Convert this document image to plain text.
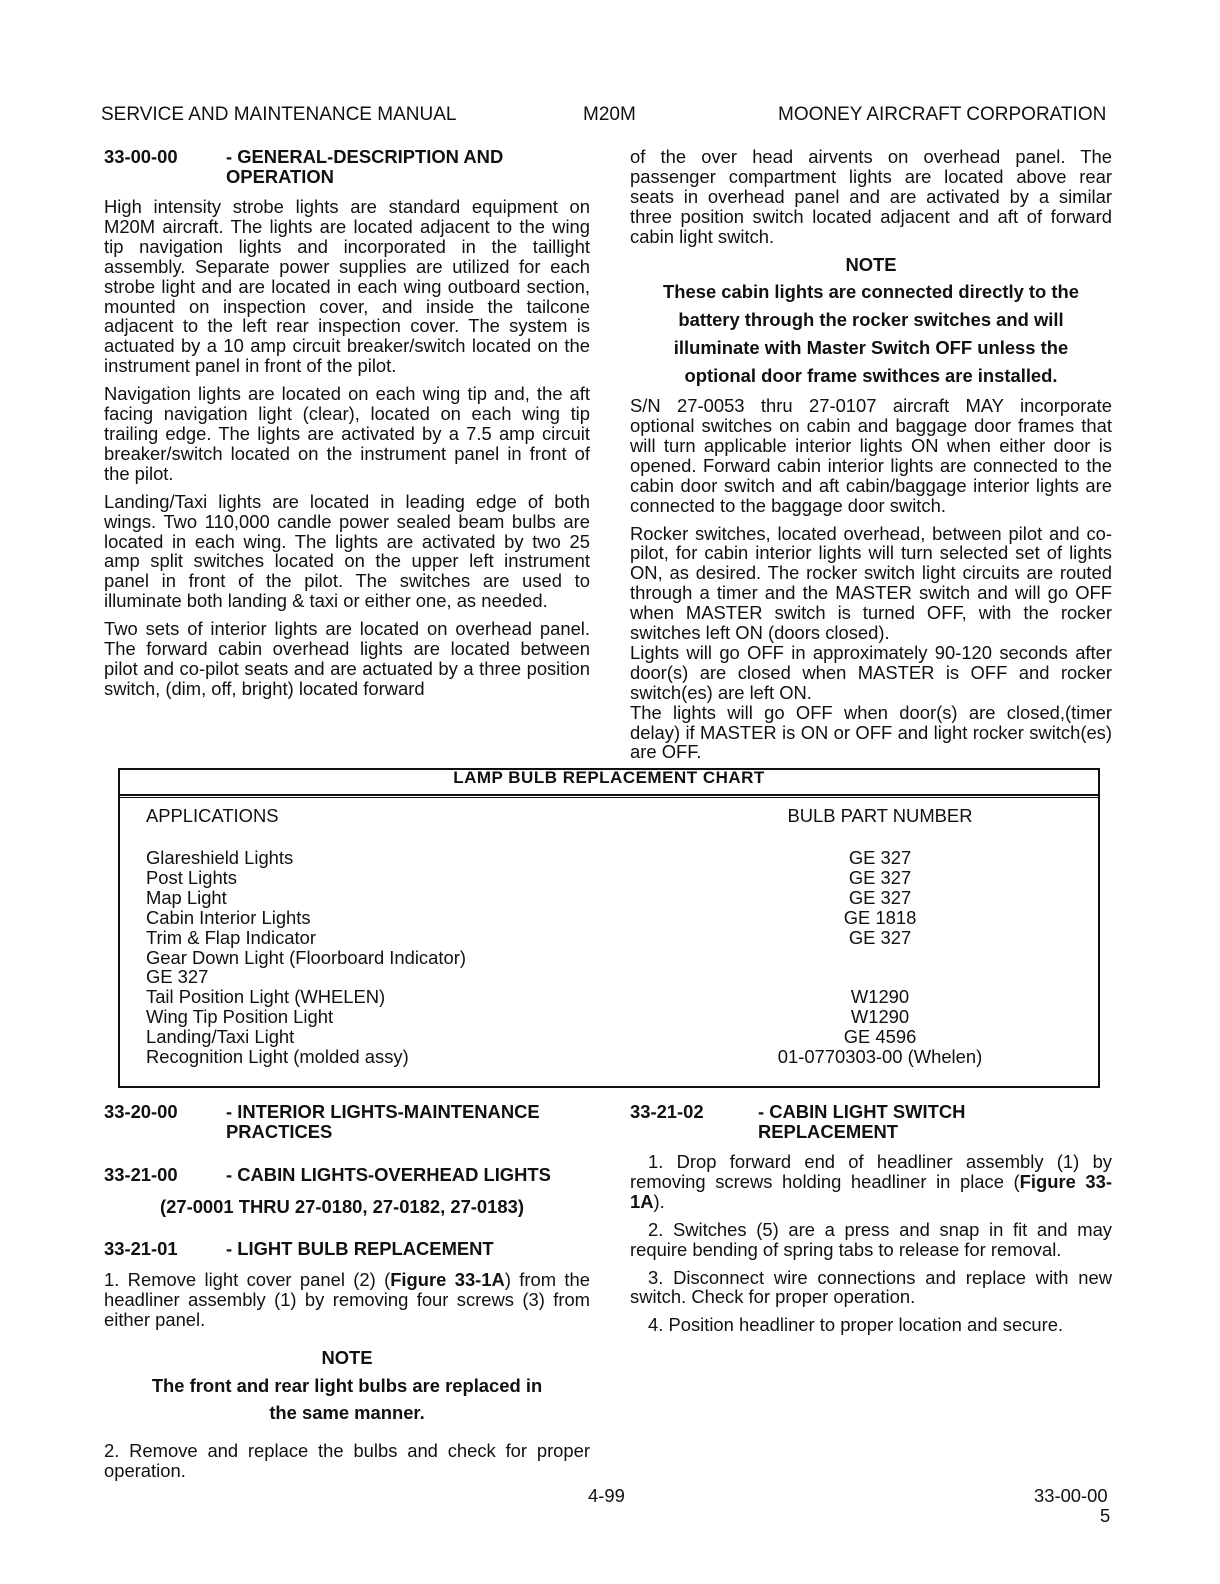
SERVICE AND MAINTENANCE MANUAL	M20M	MOONEY AIRCRAFT CORPORATION
33-00-00	- GENERAL-DESCRIPTION AND
OPERATION

High intensity strobe lights are standard equipment on M20M aircraft. The lights are located adjacent to the wing tip navigation lights and incorporated in the taillight assembly. Separate power supplies are utilized for each strobe light and are located in each wing outboard section, mounted on inspection cover, and inside the tailcone adjacent to the left rear inspection cover. The system is actuated by a 10 amp circuit breaker/switch located on the instrument panel in front of the pilot.

Navigation lights are located on each wing tip and, the aft facing navigation light (clear), located on each wing tip trailing edge. The lights are activated by a 7.5 amp circuit breaker/switch located on the instrument panel in front of the pilot.

Landing/Taxi lights are located in leading edge of both wings. Two 110,000 candle power sealed beam bulbs are located in each wing. The lights are activated by two 25 amp split switches located on the upper left instrument panel in front of the pilot. The switches are used to illuminate both landing & taxi or either one, as needed.

Two sets of interior lights are located on overhead panel. The forward cabin overhead lights are located between pilot and co-pilot seats and are actuated by a three position switch, (dim, off, bright) located forward

of the over head airvents on overhead panel. The passenger compartment lights are located above rear seats in overhead panel and are activated by a similar three position switch located adjacent and aft of forward cabin light switch.

NOTE

These cabin lights are connected directly to the

battery through the rocker switches and will

illuminate with Master Switch OFF unless the

optional door frame swithces are installed.

S/N 27-0053 thru 27-0107 aircraft MAY incorporate optional switches on cabin and baggage door frames that will turn applicable interior lights ON when either door is opened. Forward cabin interior lights are connected to the cabin door switch and aft cabin/baggage interior lights are connected to the baggage door switch.

Rocker switches, located overhead, between pilot and co-pilot, for cabin interior lights will turn selected set of lights ON, as desired. The rocker switch light circuits are routed through a timer and the MASTER switch and will go OFF when MASTER switch is turned OFF, with the rocker switches left ON (doors closed).

Lights will go OFF in approximately 90-120 seconds after door(s) are closed when MASTER is OFF and rocker switch(es) are left ON.

The lights will go OFF when door(s) are closed,(timer delay) if MASTER is ON or OFF and light rocker switch(es) are OFF.

LAMP BULB REPLACEMENT CHART
APPLICATIONS	BULB PART NUMBER
Glareshield Lights	GE 327
Post Lights	GE 327
Map Light	GE 327
Cabin Interior Lights	GE 1818
Trim & Flap Indicator	GE 327
Gear Down Light (Floorboard Indicator)
GE 327
Tail Position Light (WHELEN)	W1290
Wing Tip Position Light	W1290
Landing/Taxi Light	GE 4596
Recognition Light (molded assy)	01-0770303-00 (Whelen)
33-20-00	- INTERIOR LIGHTS-MAINTENANCE
PRACTICES
33-21-00	- CABIN LIGHTS-OVERHEAD LIGHTS
(27-0001 THRU 27-0180, 27-0182, 27-0183)
33-21-01	- LIGHT BULB REPLACEMENT

1. Remove light cover panel (2) (Figure 33-1A) from the headliner assembly (1) by removing four screws (3) from either panel.

NOTE

The front and rear light bulbs are replaced in

the same manner.

2. Remove and replace the bulbs and check for proper operation.

33-21-02	- CABIN LIGHT SWITCH
REPLACEMENT

1. Drop forward end of headliner assembly (1) by removing screws holding headliner in place (Figure 33-1A).

2. Switches (5) are a press and snap in fit and may require bending of spring tabs to release for removal.

3. Disconnect wire connections and replace with new switch. Check for proper operation.

4. Position headliner to proper location and secure.

4-99	33-00-00
5
